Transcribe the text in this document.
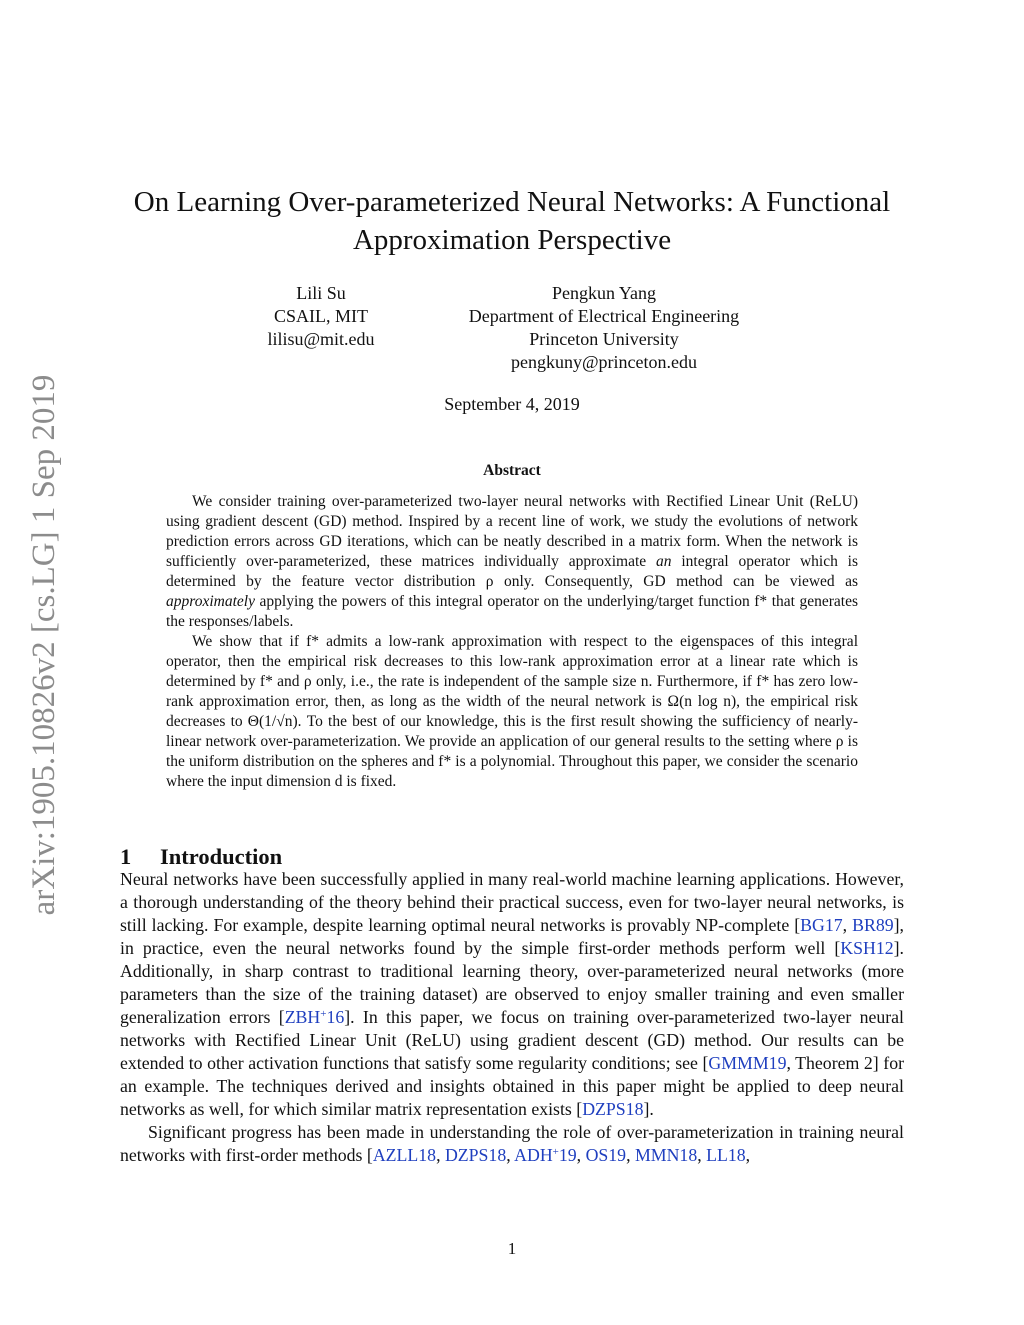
arXiv:1905.10826v2 [cs.LG] 1 Sep 2019
On Learning Over-parameterized Neural Networks: A Functional Approximation Perspective
Lili Su
CSAIL, MIT
lilisu@mit.edu
Pengkun Yang
Department of Electrical Engineering
Princeton University
pengkuny@princeton.edu
September 4, 2019
Abstract

We consider training over-parameterized two-layer neural networks with Rectified Linear Unit (ReLU) using gradient descent (GD) method. Inspired by a recent line of work, we study the evolutions of network prediction errors across GD iterations, which can be neatly described in a matrix form. When the network is sufficiently over-parameterized, these matrices individually approximate an integral operator which is determined by the feature vector distribution ρ only. Consequently, GD method can be viewed as approximately applying the powers of this integral operator on the underlying/target function f* that generates the responses/labels.

We show that if f* admits a low-rank approximation with respect to the eigenspaces of this integral operator, then the empirical risk decreases to this low-rank approximation error at a linear rate which is determined by f* and ρ only, i.e., the rate is independent of the sample size n. Furthermore, if f* has zero low-rank approximation error, then, as long as the width of the neural network is Ω(n log n), the empirical risk decreases to Θ(1/√n). To the best of our knowledge, this is the first result showing the sufficiency of nearly-linear network over-parameterization. We provide an application of our general results to the setting where ρ is the uniform distribution on the spheres and f* is a polynomial. Throughout this paper, we consider the scenario where the input dimension d is fixed.

1 Introduction

Neural networks have been successfully applied in many real-world machine learning applications. However, a thorough understanding of the theory behind their practical success, even for two-layer neural networks, is still lacking. For example, despite learning optimal neural networks is provably NP-complete [BG17, BR89], in practice, even the neural networks found by the simple first-order methods perform well [KSH12]. Additionally, in sharp contrast to traditional learning theory, over-parameterized neural networks (more parameters than the size of the training dataset) are observed to enjoy smaller training and even smaller generalization errors [ZBH+16]. In this paper, we focus on training over-parameterized two-layer neural networks with Rectified Linear Unit (ReLU) using gradient descent (GD) method. Our results can be extended to other activation functions that satisfy some regularity conditions; see [GMMM19, Theorem 2] for an example. The techniques derived and insights obtained in this paper might be applied to deep neural networks as well, for which similar matrix representation exists [DZPS18].

Significant progress has been made in understanding the role of over-parameterization in training neural networks with first-order methods [AZLL18, DZPS18, ADH+19, OS19, MMN18, LL18,

1
